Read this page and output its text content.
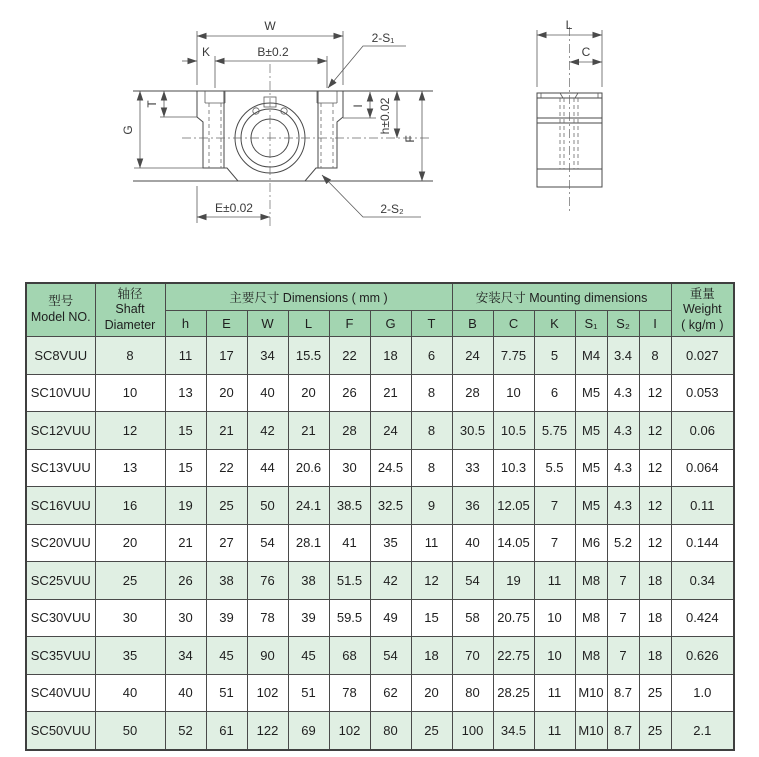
W
B±0.2
K
2-S₁
T
G
I h±0.02
F
E±0.02	2-S₂
L
C
型号
Model NO.	轴径
Shaft
Diameter	主要尺寸 Dimensions ( mm )							安装尺寸 Mounting dimensions						重量
Weight
( kg/m )

		h	E	W	L	F	G	T	B	C	K	S₁	S₂	I	
SC8VUU	8	11	17	34	15.5	22	18	6	24	7.75	5	M4	3.4	8	0.027
SC10VUU	10	13	20	40	20	26	21	8	28	10	6	M5	4.3	12	0.053
SC12VUU	12	15	21	42	21	28	24	8	30.5	10.5	5.75	M5	4.3	12	0.06
SC13VUU	13	15	22	44	20.6	30	24.5	8	33	10.3	5.5	M5	4.3	12	0.064
SC16VUU	16	19	25	50	24.1	38.5	32.5	9	36	12.05	7	M5	4.3	12	0.11
SC20VUU	20	21	27	54	28.1	41	35	11	40	14.05	7	M6	5.2	12	0.144
SC25VUU	25	26	38	76	38	51.5	42	12	54	19	11	M8	7	18	0.34
SC30VUU	30	30	39	78	39	59.5	49	15	58	20.75	10	M8	7	18	0.424
SC35VUU	35	34	45	90	45	68	54	18	70	22.75	10	M8	7	18	0.626
SC40VUU	40	40	51	102	51	78	62	20	80	28.25	11	M10	8.7	25	1.0
SC50VUU	50	52	61	122	69	102	80	25	100	34.5	11	M10	8.7	25	2.1
